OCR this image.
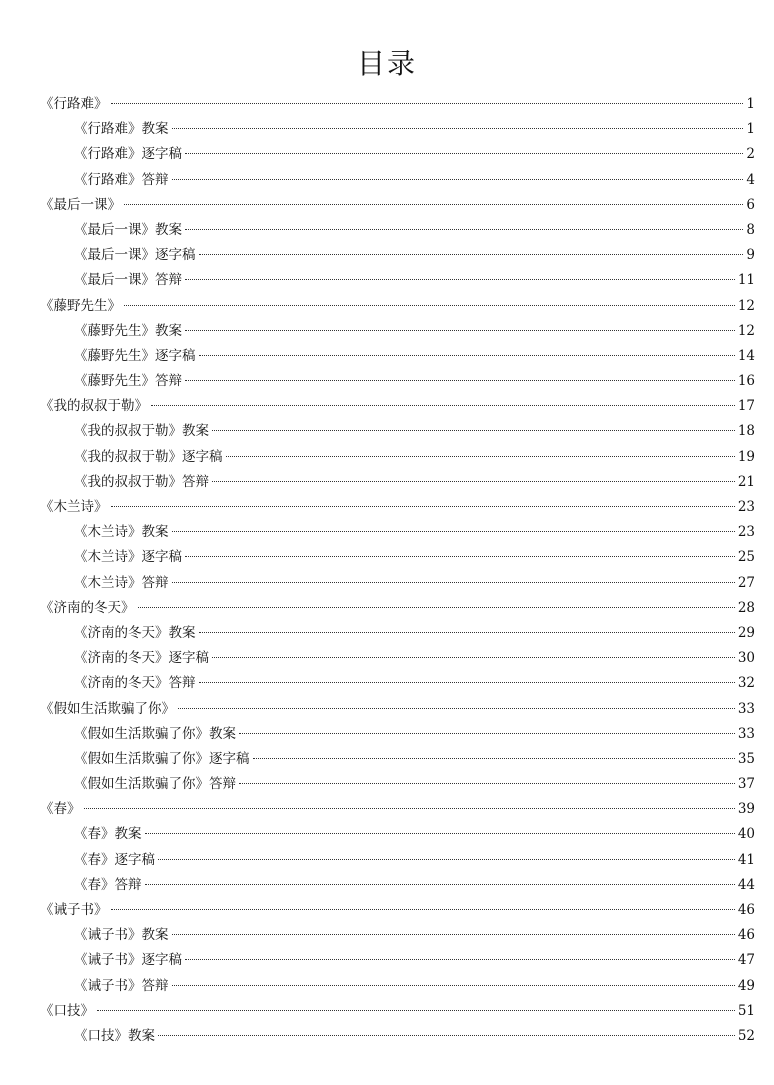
目录
《行路难》	1
《行路难》教案	1
《行路难》逐字稿	2
《行路难》答辩	4
《最后一课》	6
《最后一课》教案	8
《最后一课》逐字稿	9
《最后一课》答辩	11
《藤野先生》	12
《藤野先生》教案	12
《藤野先生》逐字稿	14
《藤野先生》答辩	16
《我的叔叔于勒》	17
《我的叔叔于勒》教案	18
《我的叔叔于勒》逐字稿	19
《我的叔叔于勒》答辩	21
《木兰诗》	23
《木兰诗》教案	23
《木兰诗》逐字稿	25
《木兰诗》答辩	27
《济南的冬天》	28
《济南的冬天》教案	29
《济南的冬天》逐字稿	30
《济南的冬天》答辩	32
《假如生活欺骗了你》	33
《假如生活欺骗了你》教案	33
《假如生活欺骗了你》逐字稿	35
《假如生活欺骗了你》答辩	37
《春》	39
《春》教案	40
《春》逐字稿	41
《春》答辩	44
《诫子书》	46
《诫子书》教案	46
《诫子书》逐字稿	47
《诫子书》答辩	49
《口技》	51
《口技》教案	52
